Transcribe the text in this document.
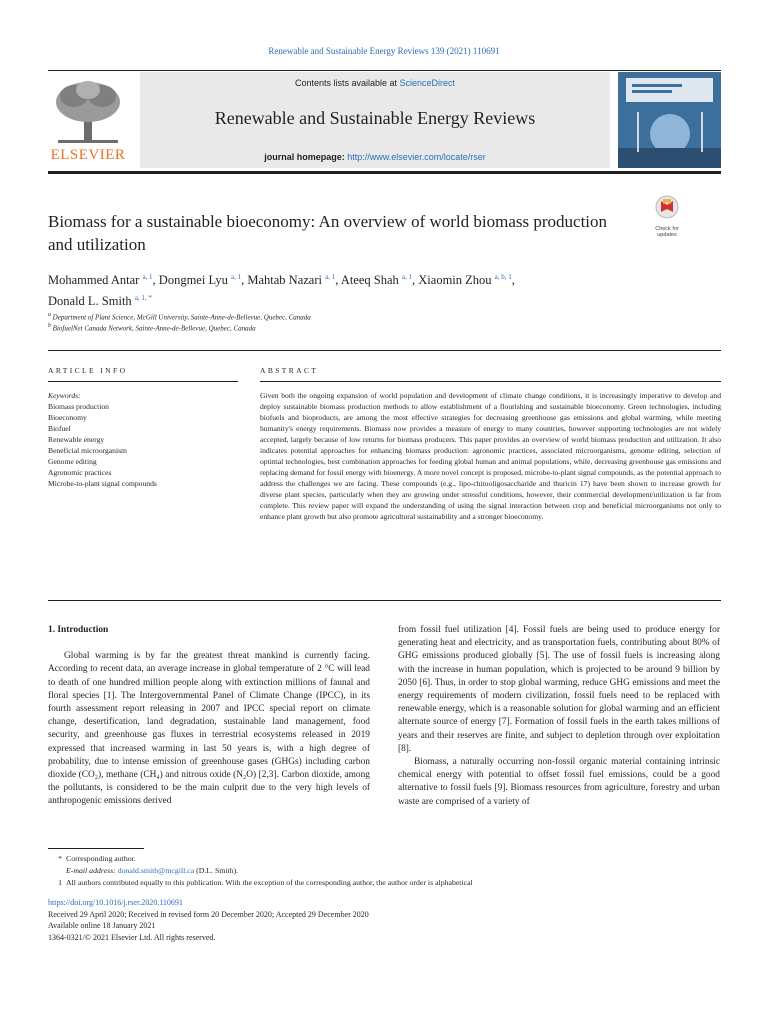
Renewable and Sustainable Energy Reviews 139 (2021) 110691
ELSEVIER
Contents lists available at ScienceDirect
Renewable and Sustainable Energy Reviews
journal homepage: http://www.elsevier.com/locate/rser
Check for updates
Biomass for a sustainable bioeconomy: An overview of world biomass production and utilization
Mohammed Antar $^{a, 1}$, Dongmei Lyu $^{a, 1}$, Mahtab Nazari $^{a, 1}$, Ateeq Shah $^{a, 1}$, Xiaomin Zhou $^{a, b, 1}$,
Donald L. Smith $^{a, 1, *}$
$^a$ Department of Plant Science, McGill University, Sainte-Anne-de-Bellevue, Quebec, Canada
$^b$ BiofuelNet Canada Network, Sainte-Anne-de-Bellevue, Quebec, Canada
ARTICLE INFO
Keywords:
Biomass production
Bioeconomy
Biofuel
Renewable energy
Beneficial microorganism
Genome editing
Agronomic practices
Microbe-to-plant signal compounds
ABSTRACT
Given both the ongoing expansion of world population and development of climate change conditions, it is increasingly imperative to develop and deploy sustainable biomass production methods to allow establishment of a flourishing and sustainable bioeconomy. Green technologies, including biofuels and bioproducts, are among the most effective strategies for decreasing greenhouse gas emissions and global warming, while meeting humanity's energy requirements. Biomass now provides a measure of energy to many countries, however supporting technologies are not widely accepted, largely because of low returns for biomass producers. This paper provides an overview of world biomass production and utilization. It also indicates potential approaches for enhancing biomass production: agronomic practices, associated microorganisms, genome editing, selection of optimal technologies, best combination approaches for feeding global human and animal populations, while, decreasing greenhouse gas emissions and replacing demand for fossil energy with bioenergy. A more novel concept is proposed, microbe-to-plant signal compounds, as the potential approach to address the challenges we are facing. These compounds (e.g., lipo-chitooligosaccharide and thuricin 17) have been shown to increase growth for diverse plant species, particularly when they are growing under stressful conditions, however, their commercial development/utilization is far from complete. This review paper will expand the understanding of using the signal interaction between crop and beneficial microorganisms not only to enhance plant growth but also promote agricultural sustainability and a stronger bioeconomy.

1. Introduction

Global warming is by far the greatest threat mankind is currently facing. According to recent data, an average increase in global temperature of 2 °C will lead to death of one hundred million people along with extinction millions of faunal and floral species [1]. The Intergovernmental Panel of Climate Change (IPCC), in its fourth assessment report releasing in 2007 and IPCC special report on climate change, desertification, land degradation, sustainable land management, food security, and greenhouse gas fluxes in terrestrial ecosystems released in 2019 expressed that increased warming in last 50 years is, with a high degree of probability, due to intense emission of greenhouse gases (GHGs) including carbon dioxide (CO₂), methane (CH₄) and nitrous oxide (N₂O) [2,3]. Carbon dioxide, among the pollutants, is considered to be the main culprit due to the very high levels of anthropogenic emissions derived

from fossil fuel utilization [4]. Fossil fuels are being used to produce energy for generating heat and electricity, and as transportation fuels, contributing about 80% of GHG emissions produced globally [5]. The use of fossil fuels is increasing along with the increase in human population, which is projected to be around 9 billion by 2050 [6]. Thus, in order to stop global warming, reduce GHG emissions and meet the energy requirements of modern civilization, fossil fuels need to be replaced with renewable energy, which is a reasonable solution for global warming and an efficient alternate source of energy [7]. Formation of fossil fuels in the earth takes millions of years and their reserves are finite, and subject to depletion through over exploitation [8].

Biomass, a naturally occurring non-fossil organic material containing intrinsic chemical energy with potential to offset fossil fuel emissions, could be a good alternative to fossil fuels [9]. Biomass resources from agriculture, forestry and urban waste are comprised of a variety of

* Corresponding author.
E-mail address: donald.smith@mcgill.ca (D.L. Smith).
1 All authors contributed equally to this publication. With the exception of the corresponding author, the author order is alphabetical
https://doi.org/10.1016/j.rser.2020.110691
Received 29 April 2020; Received in revised form 20 December 2020; Accepted 29 December 2020
Available online 18 January 2021
1364-0321/© 2021 Elsevier Ltd. All rights reserved.
